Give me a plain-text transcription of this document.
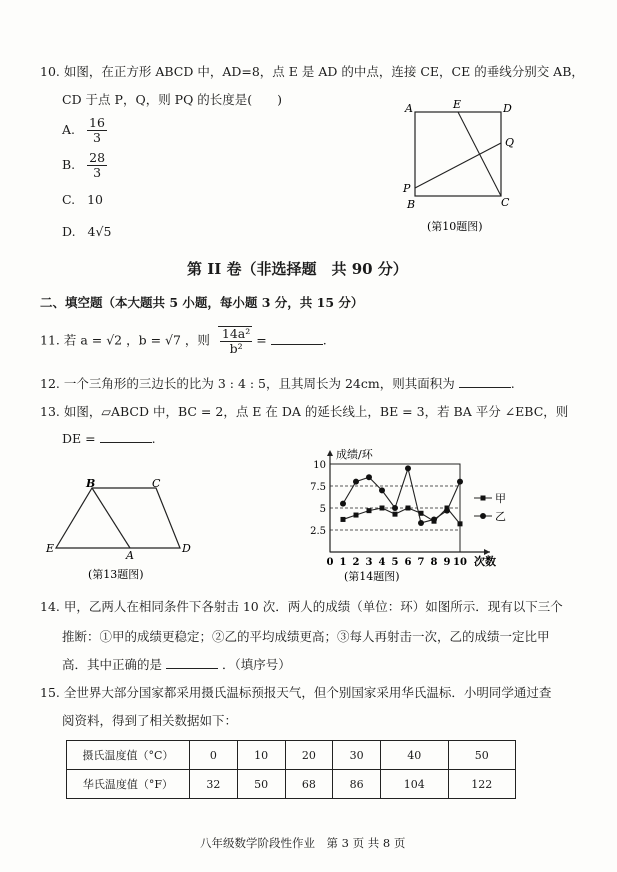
10. 如图，在正方形 ABCD 中，AD=8，点 E 是 AD 的中点，连接 CE，CE 的垂线分别交 AB，
CD 于点 P，Q，则 PQ 的长度是(　　)
A. $\frac{16}{3}$
B. $\frac{28}{3}$
C. 10
D. 4√5
A	E	D
Q
P
B	C
(第10题图)
第 II 卷（非选择题　共 90 分）
二、填空题（本大题共 5 小题，每小题 3 分，共 15 分）
11. 若 a = √2 ，b = √7 ，则 $\frac{\text{14a²}}{\text{b²}}$ =	.
12. 一个三角形的三边长的比为 3 : 4 : 5，且其周长为 24cm，则其面积为	.
13. 如图，▱ABCD 中，BC = 2，点 E 在 DA 的延长线上，BE = 3，若 BA 平分 ∠EBC，则
DE =	.
B	C
E
A
D
(第13题图)
2.5
5
7.5
10
0 1 2 3 4 5 6 7 8 9 10
成绩/环
次数
甲
乙
(第14题图)
14. 甲，乙两人在相同条件下各射击 10 次．两人的成绩（单位：环）如图所示．现有以下三个
推断：①甲的成绩更稳定；②乙的平均成绩更高；③每人再射击一次，乙的成绩一定比甲
高．其中正确的是	．（填序号）
15. 全世界大部分国家都采用摄氏温标预报天气，但个别国家采用华氏温标．小明同学通过查
阅资料，得到了相关数据如下：
摄氏温度值（°C）	0	10	20	30	40	50
华氏温度值（°F）	32	50	68	86	104	122
八年级数学阶段性作业　第 3 页 共 8 页
